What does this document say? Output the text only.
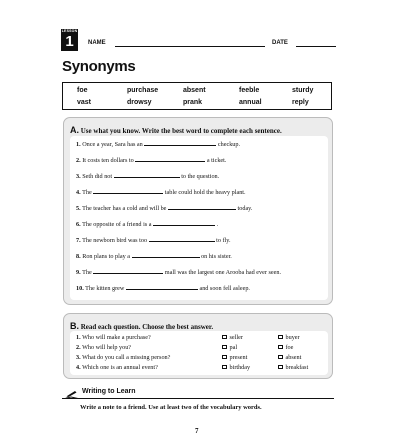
LESSON
1	NAME	DATE
Synonyms
foe	purchase	absent	feeble	sturdy
vast	drowsy	prank	annual	reply
A. Use what you know. Write the best word to complete each sentence.
1. Once a year, Sara has an	checkup.
2. It costs ten dollars to	a ticket.
3. Seth did not	to the question.
4. The	table could hold the heavy plant.
5. The teacher has a cold and will be	today.
6. The opposite of a friend is a	.
7. The newborn bird was too	to fly.
8. Ron plans to play a	on his sister.
9. The	mall was the largest one Arooba had ever seen.
10. The kitten grew	and soon fell asleep.
B. Read each question. Choose the best answer.
1. Who will make a purchase?	seller	buyer
2. Who will help you?	pal	foe
3. What do you call a missing person?	present	absent
4. Which one is an annual event?	birthday	breakfast
Writing to Learn
Write a note to a friend. Use at least two of the vocabulary words.
7
